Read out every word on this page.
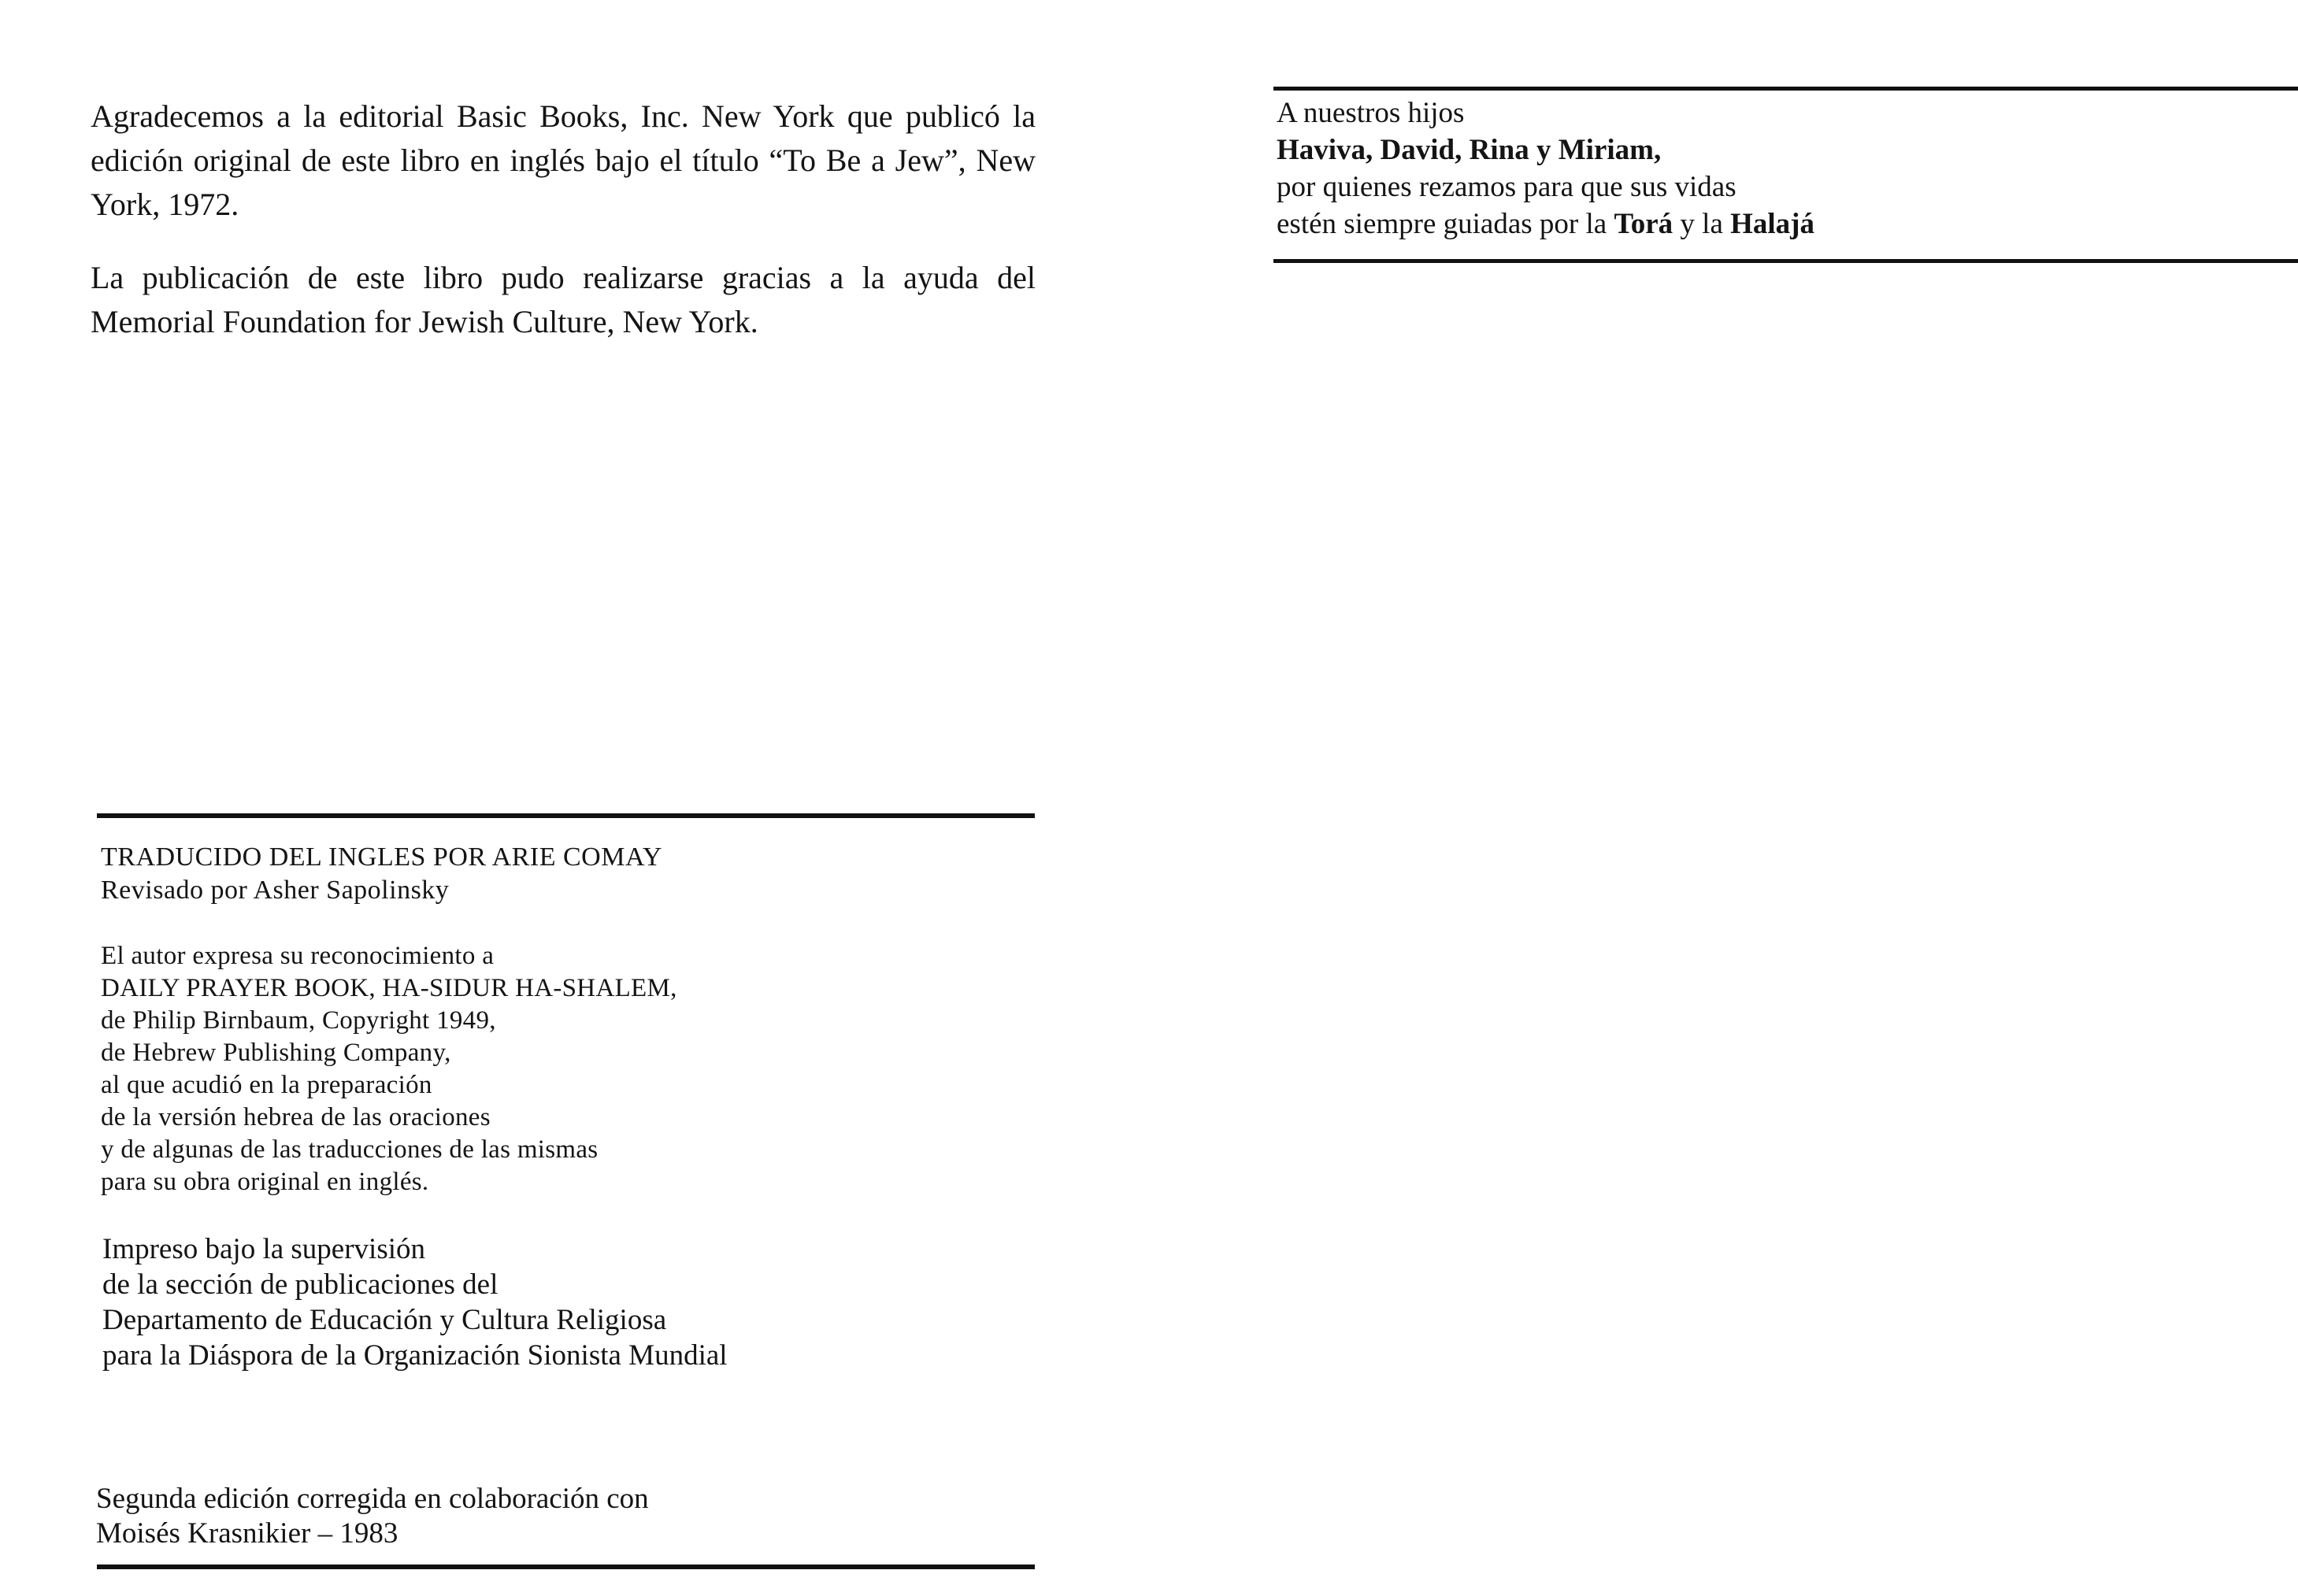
Agradecemos a la editorial Basic Books, Inc. New York que publicó la edición original de este libro en inglés bajo el título “To Be a Jew”, New York, 1972.

La publicación de este libro pudo realizarse gracias a la ayuda del Memorial Foundation for Jewish Culture, New York.

TRADUCIDO DEL INGLES POR ARIE COMAY
Revisado por Asher Sapolinsky
El autor expresa su reconocimiento a
DAILY PRAYER BOOK, HA-SIDUR HA-SHALEM,
de Philip Birnbaum, Copyright 1949,
de Hebrew Publishing Company,
al que acudió en la preparación
de la versión hebrea de las oraciones
y de algunas de las traducciones de las mismas
para su obra original en inglés.
Impreso bajo la supervisión
de la sección de publicaciones del
Departamento de Educación y Cultura Religiosa
para la Diáspora de la Organización Sionista Mundial
Segunda edición corregida en colaboración con
Moisés Krasnikier – 1983
A nuestros hijos
Haviva, David, Rina y Miriam,
por quienes rezamos para que sus vidas
estén siempre guiadas por la Torá y la Halajá
